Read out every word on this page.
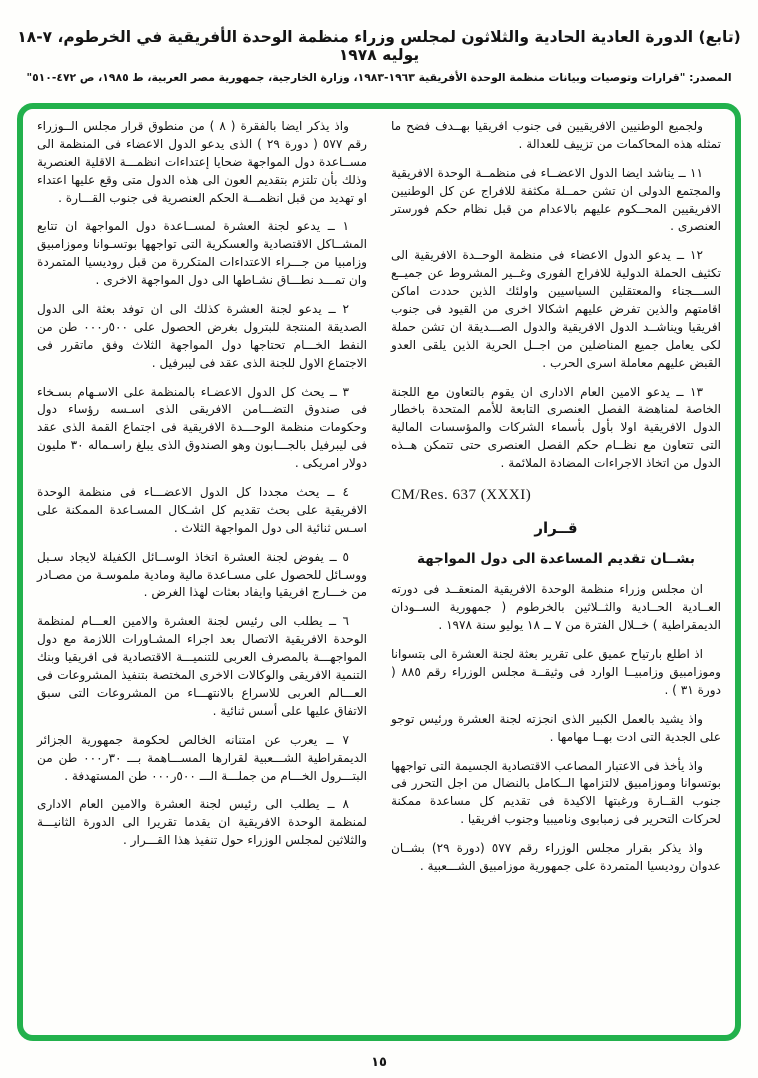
(تابع) الدورة العادية الحادية والثلاثون لمجلس وزراء منظمة الوحدة الأفريقية في الخرطوم، ٧-١٨ يوليه ١٩٧٨
المصدر: "قرارات وتوصيات وبيانات منظمة الوحدة الأفريقية ١٩٦٣-١٩٨٣، وزارة الخارجية، جمهورية مصر العربية، ط ١٩٨٥، ص ٤٧٢-٥١٠"

ولجميع الوطنيين الافريقيين فى جنوب افريقيا بهــدف فضح ما تمثله هذه المحاكمات من تزييف للعدالة .

١١ ــ يناشد ايضا الدول الاعضــاء فى منظمــة الوحدة الافريقية والمجتمع الدولى ان تشن حمــلة مكثفة للافراج عن كل الوطنيين الافريقيين المحــكوم عليهم بالاعدام من قبل نظام حكم فورستر العنصرى .

١٢ ــ يدعو الدول الاعضاء فى منظمة الوحــدة الافريقية الى تكثيف الحملة الدولية للافراج الفورى وغــير المشروط عن جميــع الســـجناء والمعتقلين السياسيين واولئك الذين حددت اماكن اقامتهم والذين تفرض عليهم اشكالا اخرى من القيود فى جنوب افريقيا ويناشــد الدول الافريقية والدول الصـــديقة ان تشن حملة لكى يعامل جميع المناضلين من اجــل الحرية الذين يلقى العدو القبض عليهم معاملة اسرى الحرب .

١٣ ــ يدعو الامين العام الادارى ان يقوم بالتعاون مع اللجنة الخاصة لمناهضة الفصل العنصرى التابعة للأمم المتحدة باخطار الدول الافريقية اولا بأول بأسماء الشركات والمؤسسات المالية التى تتعاون مع نظــام حكم الفصل العنصرى حتى تتمكن هــذه الدول من اتخاذ الاجراءات المضادة الملائمة .

CM/Res. 637 (XXXI)

قــرار

بشــان تقديم المساعدة الى دول المواجهة

ان مجلس وزراء منظمة الوحدة الافريقية المنعقــد فى دورته العــادية الحــادية والثــلاثين بالخرطوم ( جمهورية الســودان الديمقراطية ) خــلال الفترة من ٧ ــ ١٨ يوليو سنة ١٩٧٨ .

اذ اطلع بارتياح عميق على تقرير بعثة لجنة العشرة الى بتسوانا وموزامبيق وزامبيــا الوارد فى وثيقــة مجلس الوزراء رقم ٨٨٥ ( دورة ٣١ ) .

واذ يشيد بالعمل الكبير الذى انجزته لجنة العشرة ورئيس توجو على الجدية التى ادت بهــا مهامها .

واذ يأخذ فى الاعتبار المصاعب الاقتصادية الجسيمة التى تواجهها بوتسوانا وموزامبيق لالتزامها الــكامل بالنضال من اجل التحرر فى جنوب القــارة ورغبتها الاكيدة فى تقديم كل مساعدة ممكنة لحركات التحرير فى زمبابوى وناميبيا وجنوب افريقيا .

واذ يذكر بقرار مجلس الوزراء رقم ٥٧٧ (دورة ٢٩) بشــان عدوان روديسيا المتمردة على جمهورية موزامبيق الشـــعبية .

واذ يذكر ايضا بالفقرة ( ٨ ) من منطوق قرار مجلس الــوزراء رقم ٥٧٧ ( دورة ٢٩ ) الذى يدعو الدول الاعضاء فى المنظمة الى مســاعدة دول المواجهة ضحايا إعتداءات انظمـــة الاقلية العنصرية وذلك بأن تلتزم بتقديم العون الى هذه الدول متى وقع عليها اعتداء او تهديد من قبل انظمـــة الحكم العنصرية فى جنوب القـــارة .

١ ــ يدعو لجنة العشرة لمســاعدة دول المواجهة ان تتابع المشــاكل الاقتصادية والعسكرية التى تواجهها بوتسـوانا وموزامبيق وزامبيا من جـــراء الاعتداءات المتكررة من قبل روديسيا المتمردة وان تمـــد نطـــاق نشـاطها الى دول المواجهة الاخرى .

٢ ــ يدعو لجنة العشرة كذلك الى ان توفد بعثة الى الدول الصديقة المنتجة للبترول بغرض الحصول على ٥٠٠ر٠٠٠ طن من النفط الخـــام تحتاجها دول المواجهة الثلاث وفق ماتقرر فى الاجتماع الاول للجنة الذى عقد فى ليبرفيل .

٣ ــ يحث كل الدول الاعضـاء بالمنظمة على الاسـهام بسـخاء فى صندوق التضـــامن الافريقى الذى اسـسه رؤساء دول وحكومات منظمة الوحـــدة الافريقية فى اجتماع القمة الذى عقد فى ليبرفيل بالجـــابون وهو الصندوق الذى يبلغ راسـماله ٣٠ مليون دولار امريكى .

٤ ــ يحث مجددا كل الدول الاعضـــاء فى منظمة الوحدة الافريقية على بحث تقديم كل اشـكال المسـاعدة الممكنة على اسـس ثنائية الى دول المواجهة الثلاث .

٥ ــ يفوض لجنة العشرة اتخاذ الوســائل الكفيلة لايجاد سـبل ووسـائل للحصول على مسـاعدة مالية ومادية ملموسـة من مصـادر من خـــارج افريقيا وايفاد بعثات لهذا الغرض .

٦ ــ يطلب الى رئيس لجنة العشرة والامين العـــام لمنظمة الوحدة الافريقية الاتصال بعد اجراء المشـاورات اللازمة مع دول المواجهـــة بالمصرف العربى للتنميـــة الاقتصادية فى افريقيا وبنك التنمية الافريقى والوكالات الاخرى المختصة بتنفيذ المشروعات فى العـــالم العربى للاسراع بالانتهـــاء من المشروعات التى سبق الاتفاق عليها على أسس ثنائية .

٧ ــ يعرب عن امتنانه الخالص لحكومة جمهورية الجزائر الديمقراطية الشـــعبية لقرارها المســـاهمة بـــ ٣٠ر٠٠٠ طن من البتـــرول الخـــام من جملـــة الـــ ٥٠٠ر٠٠٠ طن المستهدفة .

٨ ــ يطلب الى رئيس لجنة العشرة والامين العام الادارى لمنظمة الوحدة الافريقية ان يقدما تقريرا الى الدورة الثانيـــة والثلاثين لمجلس الوزراء حول تنفيذ هذا القـــرار .

١٥
